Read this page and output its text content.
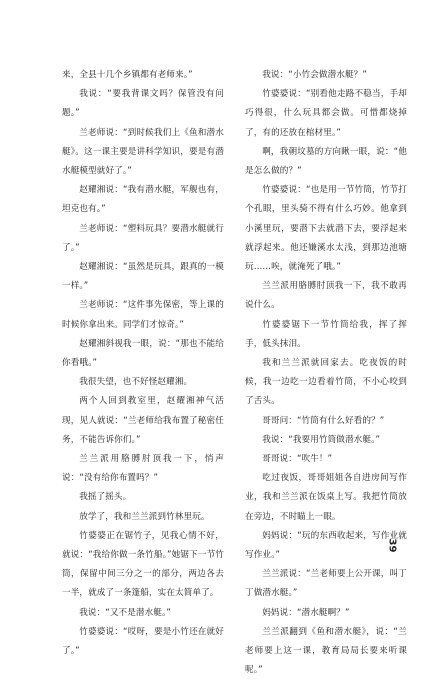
来，全县十几个乡镇都有老师来。”

我说：“要我背课文吗？保管没有问题。”

兰老师说：“到时候我们上《鱼和潜水艇》。这一课主要是讲科学知识，要是有潜水艇模型就好了。”

赵耀湘说：“我有潜水艇，军舰也有，坦克也有。”

兰老师说：“塑料玩具？要潜水艇就行了。”

赵耀湘说：“虽然是玩具，跟真的一模一样。”

兰老师说：“这件事先保密，等上课的时候你拿出来。同学们才惊奇。”

赵耀湘斜视我一眼，说：“那也不能给你看哦。”

我很失望，也不好怪赵耀湘。

两个人回到教室里，赵耀湘神气活现，见人就说：“兰老师给我布置了秘密任务，不能告诉你们。”

兰兰派用胳膊肘顶我一下，悄声说：“没有给你布置吗？”

我摇了摇头。

放学了，我和兰兰派到竹林里玩。

竹婆婆正在锯竹子，见我心情不好，就说：“我给你做一条竹船。”她锯下一节竹筒，保留中间三分之一的部分，两边各去一半，就成了一条篷船，实在太简单了。

我说：“又不是潜水艇。”

竹婆婆说：“哎呀，要是小竹还在就好了。”

我说：“小竹会做潜水艇？”

竹婆婆说：“别看他走路不稳当，手却巧得很，什么玩具都会做。可惜都烧掉了，有的还放在棺材里。”

啊，我朝坟墓的方向瞅一眼，说：“他是怎么做的？”

竹婆婆说：“也是用一节竹筒，竹节打个孔眼，里头骑不得有什么巧妙。他拿到小溪里玩，要潜下去就潜下去，要浮起来就浮起来。他还嫌溪水太浅，到那边池塘玩……唉，就淹死了哦。”

兰兰派用胳膊肘顶我一下，我不敢再说什么。

竹婆婆锯下一节竹筒给我，挥了挥手，低头抹泪。

我和兰兰派就回家去。吃夜饭的时候，我一边吃一边看着竹筒，不小心咬到了舌头。

哥哥问：“竹筒有什么好看的？”

我说：“我要用竹筒做潜水艇。”

哥哥说：“吹牛！”

吃过夜饭，哥哥姐姐各自进房间写作业，我和兰兰派在饭桌上写。我把竹筒放在旁边，不时瞄上一眼。

妈妈说：“玩的东西收起来，写作业就写作业。”

兰兰派说：“兰老师要上公开课，叫丁丁做潜水艇。”

妈妈说：“潜水艇啊？”

兰兰派翻到《鱼和潜水艇》，说：“兰老师要上这一课，教育局局长要来听课呢。”

39
